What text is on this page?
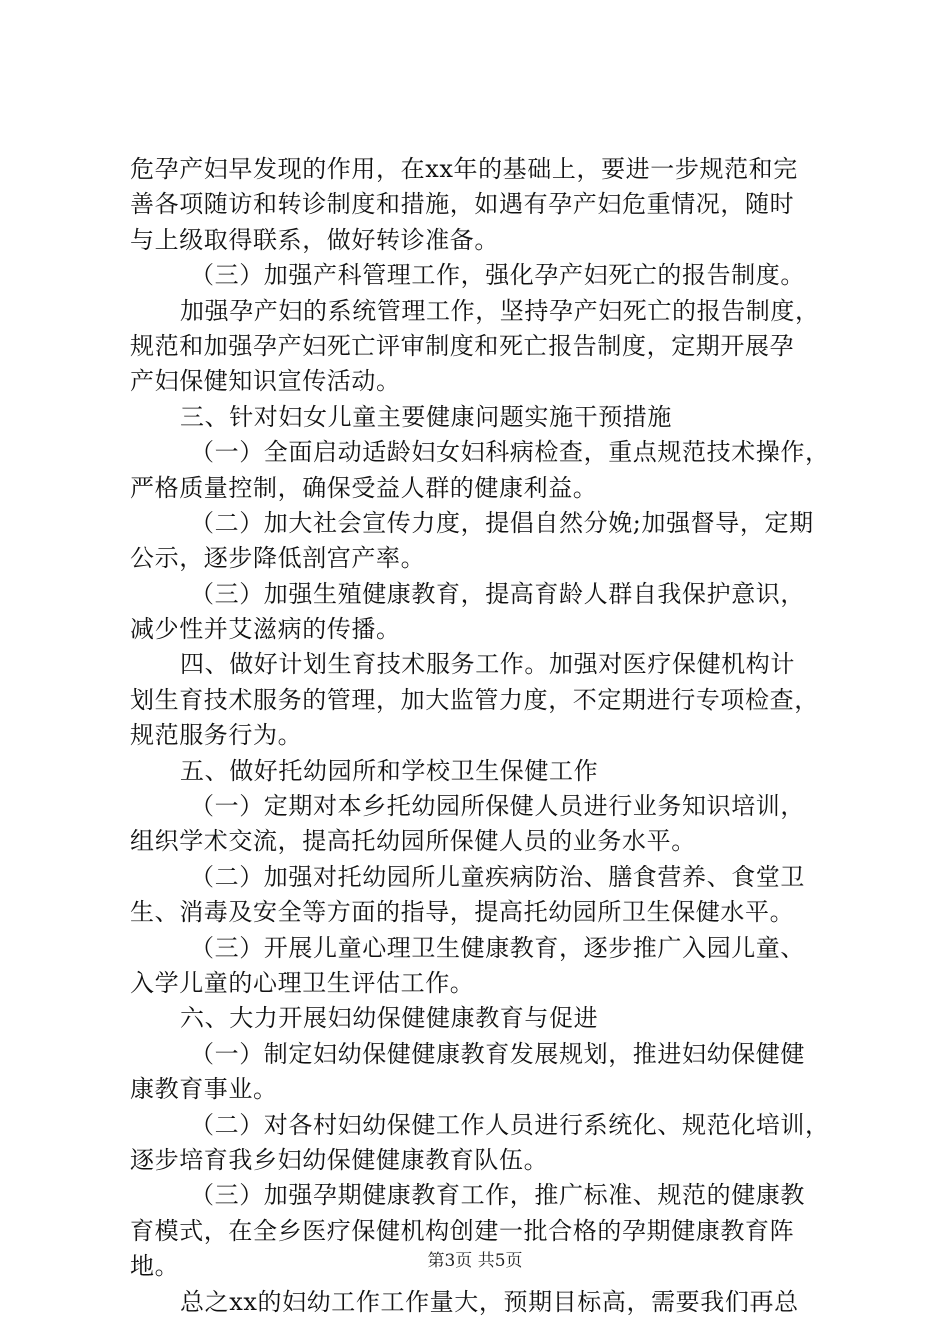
危孕产妇早发现的作用，在xx年的基础上，要进一步规范和完
善各项随访和转诊制度和措施，如遇有孕产妇危重情况，随时
与上级取得联系，做好转诊准备。
（三）加强产科管理工作，强化孕产妇死亡的报告制度。
加强孕产妇的系统管理工作，坚持孕产妇死亡的报告制度，
规范和加强孕产妇死亡评审制度和死亡报告制度，定期开展孕
产妇保健知识宣传活动。
三、针对妇女儿童主要健康问题实施干预措施
（一）全面启动适龄妇女妇科病检查，重点规范技术操作，
严格质量控制，确保受益人群的健康利益。
（二）加大社会宣传力度，提倡自然分娩;加强督导，定期
公示，逐步降低剖宫产率。
（三）加强生殖健康教育，提高育龄人群自我保护意识，
减少性并艾滋病的传播。
四、做好计划生育技术服务工作。加强对医疗保健机构计
划生育技术服务的管理，加大监管力度，不定期进行专项检查，
规范服务行为。
五、做好托幼园所和学校卫生保健工作
（一）定期对本乡托幼园所保健人员进行业务知识培训，
组织学术交流，提高托幼园所保健人员的业务水平。
（二）加强对托幼园所儿童疾病防治、膳食营养、食堂卫
生、消毒及安全等方面的指导，提高托幼园所卫生保健水平。
（三）开展儿童心理卫生健康教育，逐步推广入园儿童、
入学儿童的心理卫生评估工作。
六、大力开展妇幼保健健康教育与促进
（一）制定妇幼保健健康教育发展规划，推进妇幼保健健
康教育事业。
（二）对各村妇幼保健工作人员进行系统化、规范化培训，
逐步培育我乡妇幼保健健康教育队伍。
（三）加强孕期健康教育工作，推广标准、规范的健康教
育模式，在全乡医疗保健机构创建一批合格的孕期健康教育阵
地。
总之xx的妇幼工作工作量大，预期目标高，需要我们再总
第3页 共5页
